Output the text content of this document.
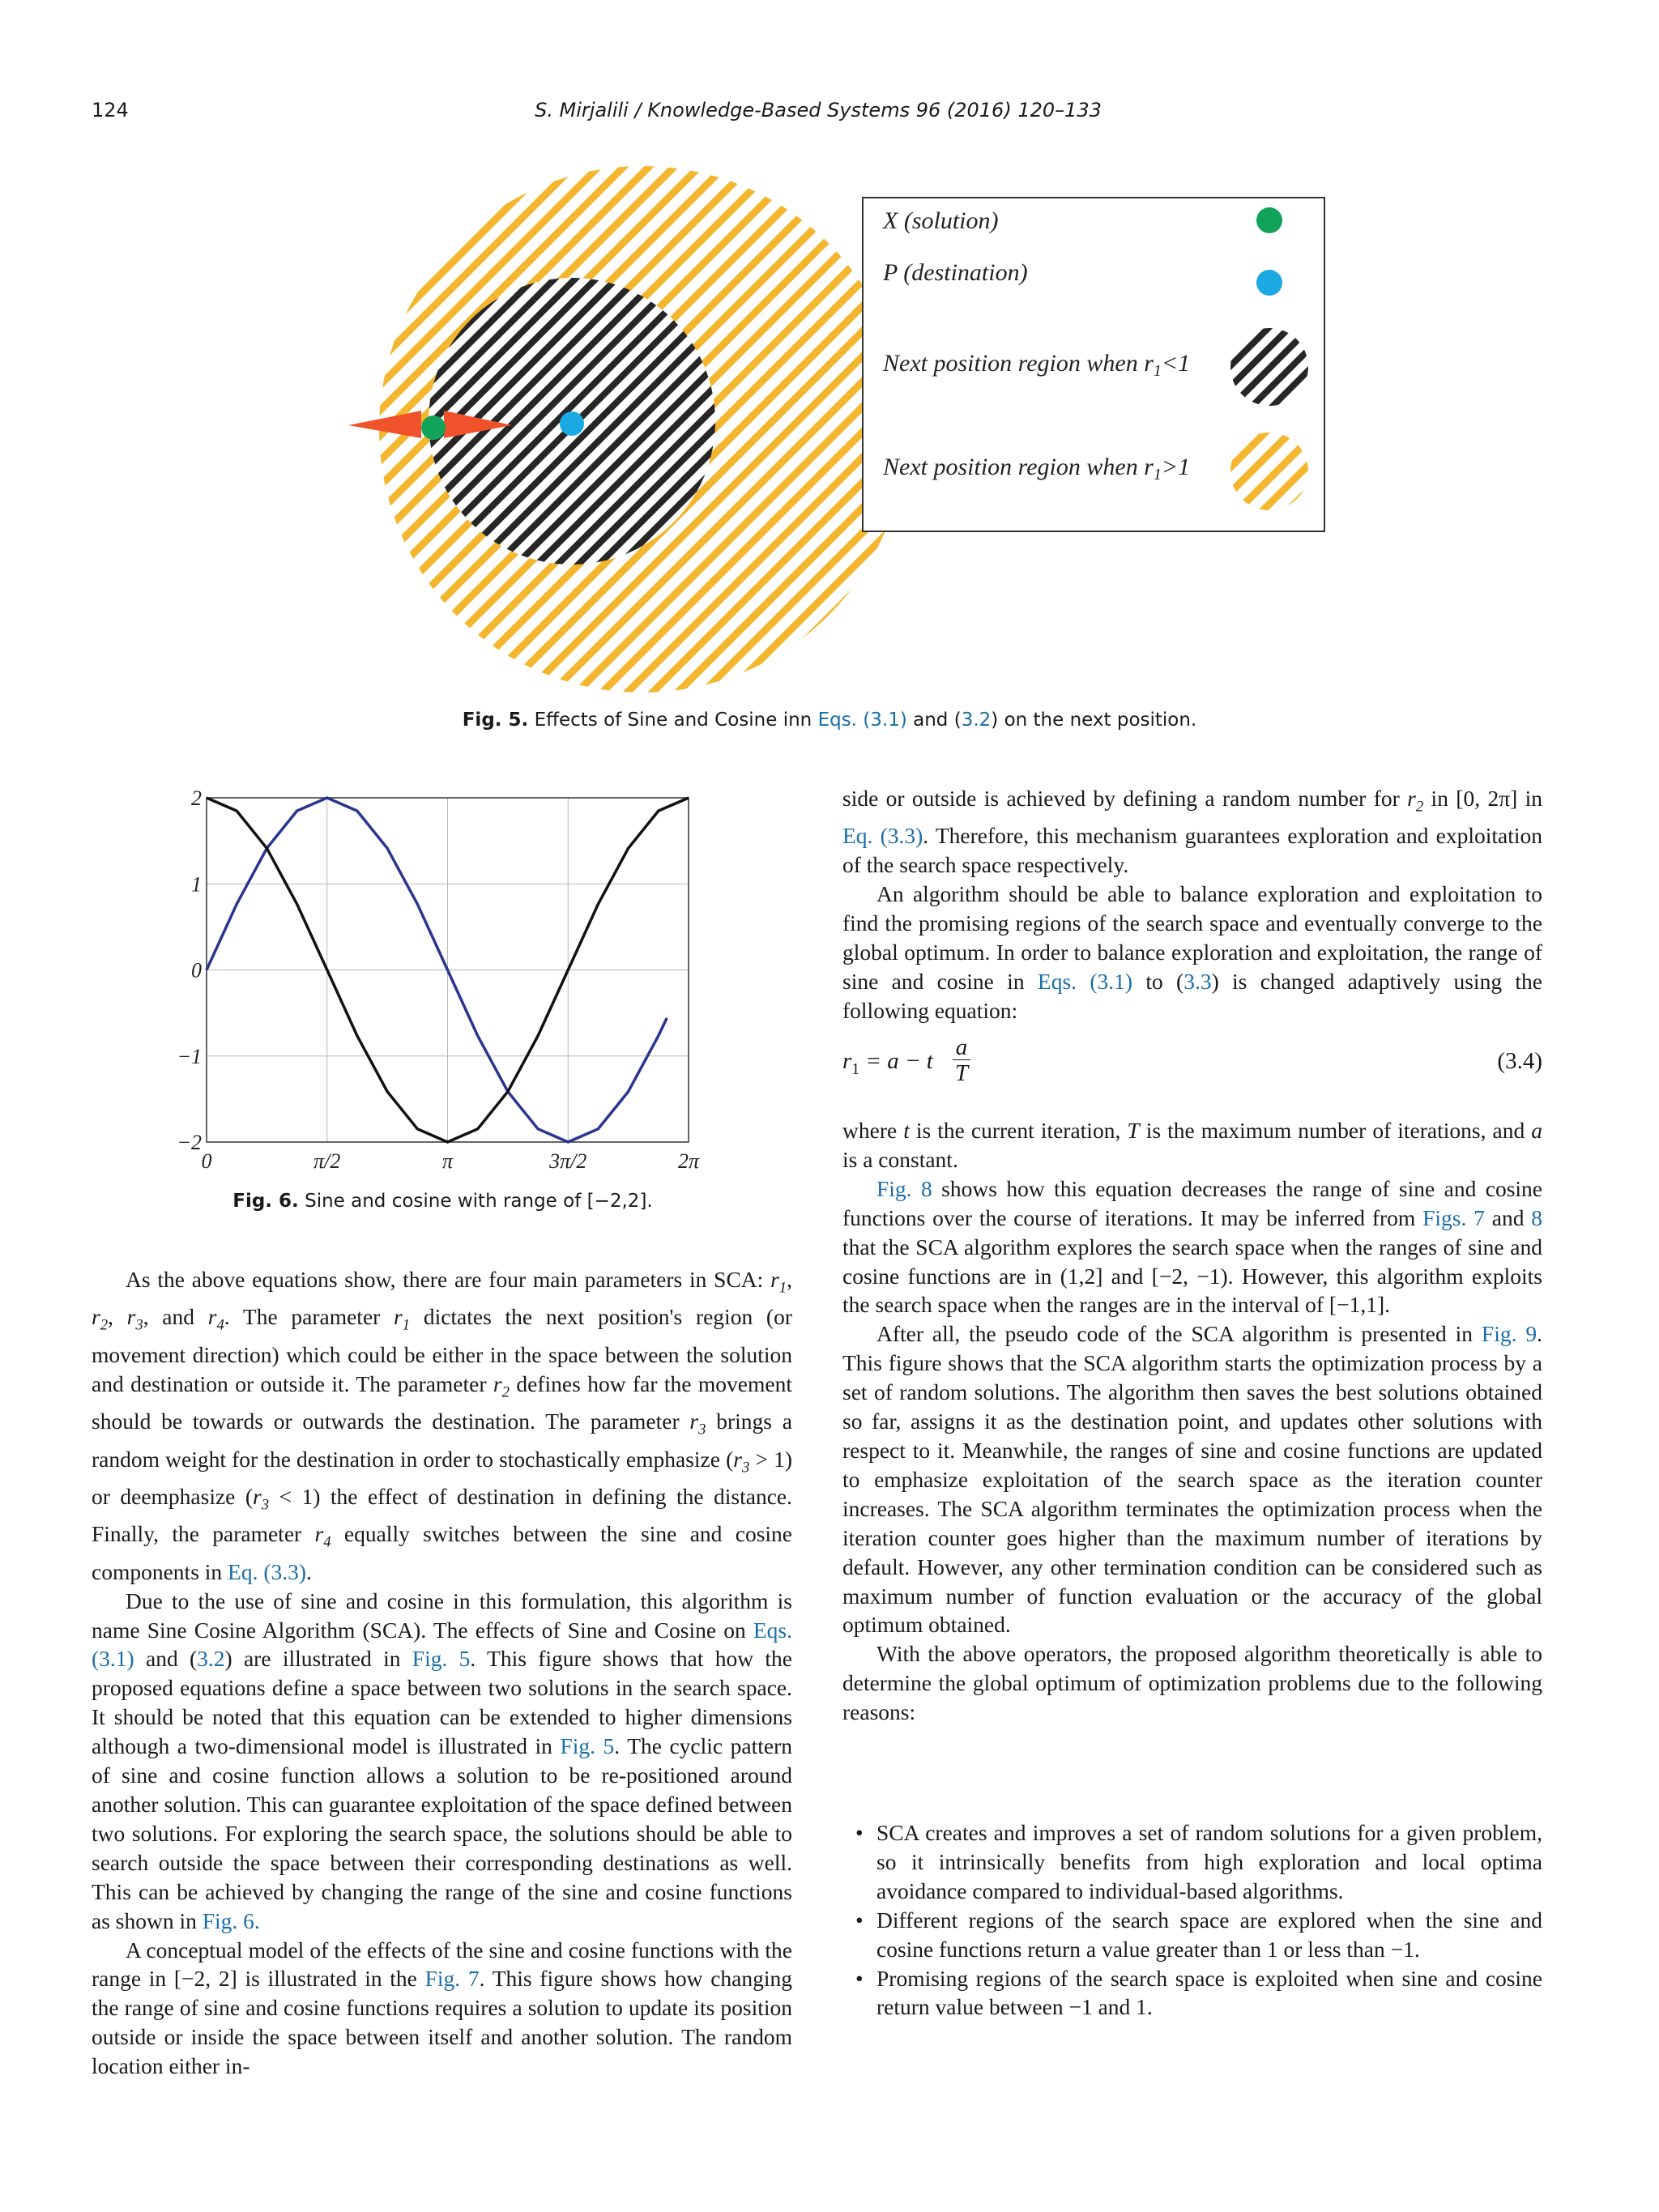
124	S. Mirjalili / Knowledge-Based Systems 96 (2016) 120–133
X (solution)
P (destination)
Next position region when $r_1<1$
Next position region when $r_1>1$
Fig. 5. Effects of Sine and Cosine inn Eqs. (3.1) and (3.2) on the next position.
0	π/2	π	3π/2	2π
2
1
0
−1
−2
Fig. 6. Sine and cosine with range of [−2,2].

As the above equations show, there are four main parameters in SCA: $r_1$, $r_2$, $r_3$, and $r_4$. The parameter $r_1$ dictates the next position's region (or movement direction) which could be either in the space between the solution and destination or outside it. The parameter $r_2$ defines how far the movement should be towards or outwards the destination. The parameter $r_3$ brings a random weight for the destination in order to stochastically emphasize $(r_3 > 1)$ or deemphasize $(r_3 < 1)$ the effect of destination in defining the distance. Finally, the parameter $r_4$ equally switches between the sine and cosine components in Eq. (3.3).

Due to the use of sine and cosine in this formulation, this algorithm is name Sine Cosine Algorithm (SCA). The effects of Sine and Cosine on Eqs. (3.1) and (3.2) are illustrated in Fig. 5. This figure shows that how the proposed equations define a space between two solutions in the search space. It should be noted that this equation can be extended to higher dimensions although a two-dimensional model is illustrated in Fig. 5. The cyclic pattern of sine and cosine function allows a solution to be re-positioned around another solution. This can guarantee exploitation of the space defined between two solutions. For exploring the search space, the solutions should be able to search outside the space between their corresponding destinations as well. This can be achieved by changing the range of the sine and cosine functions as shown in Fig. 6.

A conceptual model of the effects of the sine and cosine functions with the range in [−2, 2] is illustrated in the Fig. 7. This figure shows how changing the range of sine and cosine functions requires a solution to update its position outside or inside the space between itself and another solution. The random location either in-

side or outside is achieved by defining a random number for $r_2$ in [0, 2π] in Eq. (3.3). Therefore, this mechanism guarantees exploration and exploitation of the search space respectively.

An algorithm should be able to balance exploration and exploitation to find the promising regions of the search space and eventually converge to the global optimum. In order to balance exploration and exploitation, the range of sine and cosine in Eqs. (3.1) to (3.3) is changed adaptively using the following equation:

$r_1 = a - t$
a
T	(3.4)

where t is the current iteration, T is the maximum number of iterations, and a is a constant.

Fig. 8 shows how this equation decreases the range of sine and cosine functions over the course of iterations. It may be inferred from Figs. 7 and 8 that the SCA algorithm explores the search space when the ranges of sine and cosine functions are in (1,2] and [−2, −1). However, this algorithm exploits the search space when the ranges are in the interval of [−1,1].

After all, the pseudo code of the SCA algorithm is presented in Fig. 9. This figure shows that the SCA algorithm starts the optimization process by a set of random solutions. The algorithm then saves the best solutions obtained so far, assigns it as the destination point, and updates other solutions with respect to it. Meanwhile, the ranges of sine and cosine functions are updated to emphasize exploitation of the search space as the iteration counter increases. The SCA algorithm terminates the optimization process when the iteration counter goes higher than the maximum number of iterations by default. However, any other termination condition can be considered such as maximum number of function evaluation or the accuracy of the global optimum obtained.

With the above operators, the proposed algorithm theoretically is able to determine the global optimum of optimization problems due to the following reasons:

• SCA creates and improves a set of random solutions for a given problem, so it intrinsically benefits from high exploration and local optima avoidance compared to individual-based algorithms.
• Different regions of the search space are explored when the sine and cosine functions return a value greater than 1 or less than −1.
• Promising regions of the search space is exploited when sine and cosine return value between −1 and 1.
